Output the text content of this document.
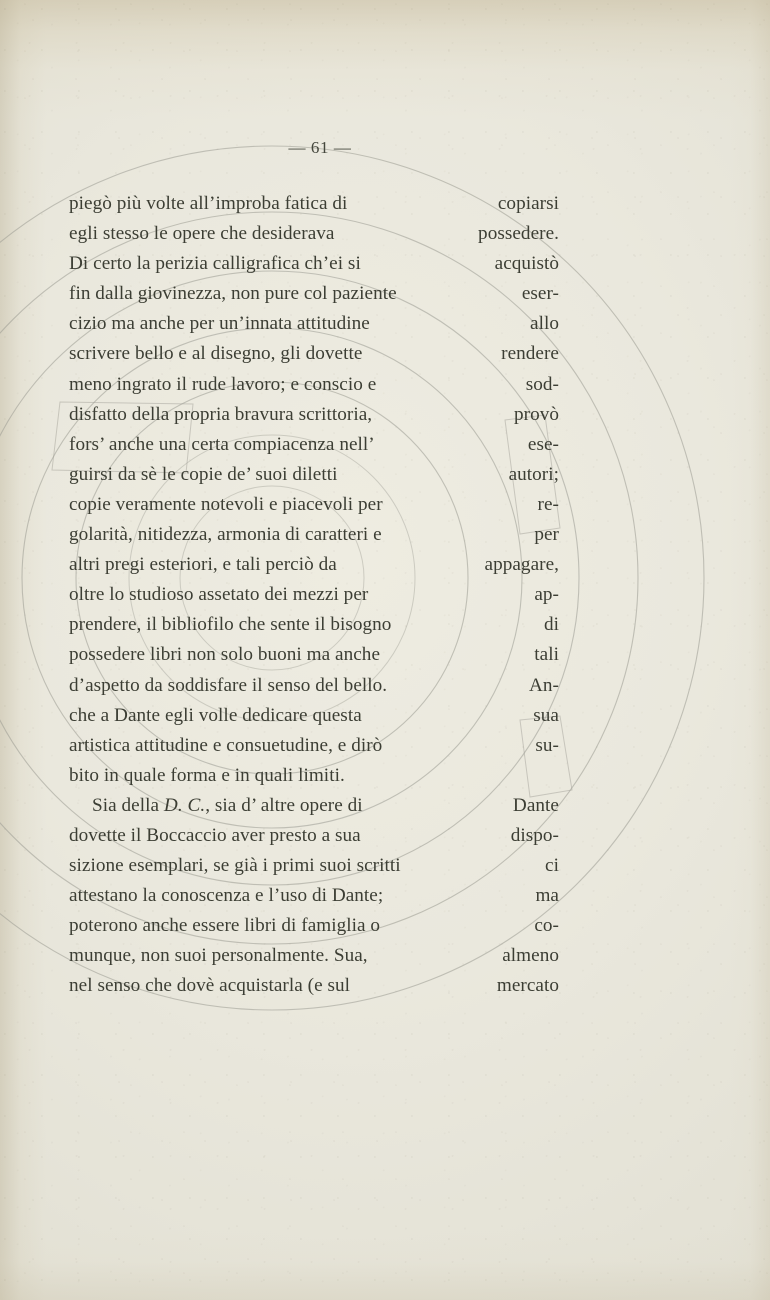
— 61 —

piegò più volte all’improba fatica di	copiarsi
egli stesso le opere che desiderava	possedere.
Di certo la perizia calligrafica ch’ei si	acquistò
fin dalla giovinezza, non pure col paziente	eser-
cizio ma anche per un’innata attitudine	allo
scrivere bello e al disegno, gli dovette	rendere
meno ingrato il rude lavoro; e conscio e	sod-
disfatto della propria bravura scrittoria,	provò
fors’ anche una certa compiacenza nell’	ese-
guirsi da sè le copie de’ suoi diletti	autori;
copie veramente notevoli e piacevoli per	re-
golarità, nitidezza, armonia di caratteri e	per
altri pregi esteriori, e tali perciò da	appagare,
oltre lo studioso assetato dei mezzi per	ap-
prendere, il bibliofilo che sente il bisogno	di
possedere libri non solo buoni ma anche	tali
d’aspetto da soddisfare il senso del bello.	An-
che a Dante egli volle dedicare questa	sua
artistica attitudine e consuetudine, e dirò	su-
bito in quale forma e in quali limiti.

Sia della D. C., sia d’ altre opere di	Dante
dovette il Boccaccio aver presto a sua	dispo-
sizione esemplari, se già i primi suoi scritti	ci
attestano la conoscenza e l’uso di Dante;	ma
poterono anche essere libri di famiglia o	co-
munque, non suoi personalmente. Sua,	almeno
nel senso che dovè acquistarla (e sul	mercato
